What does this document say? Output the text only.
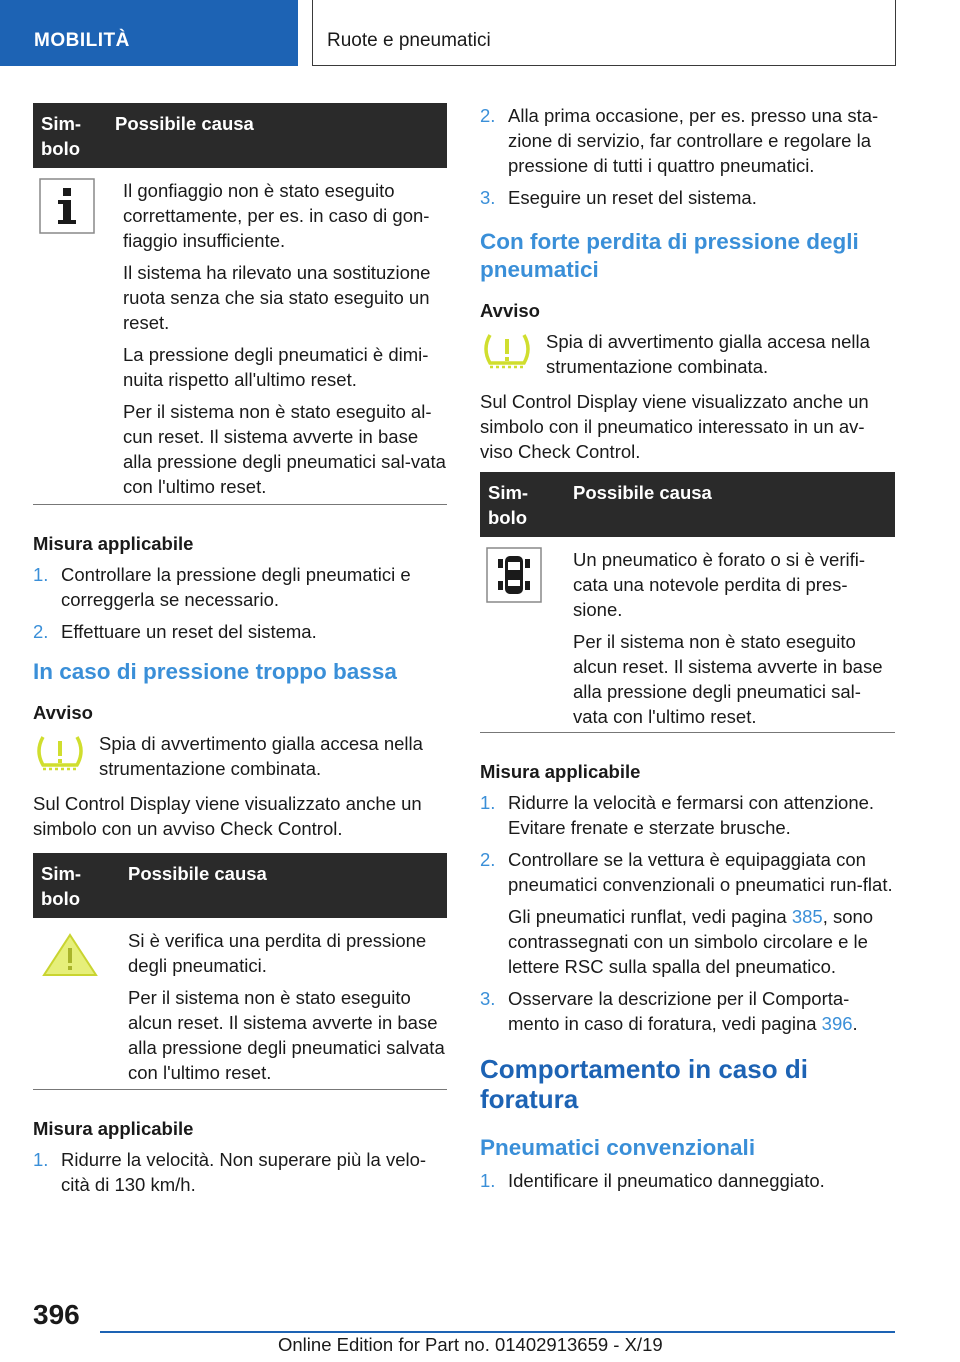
MOBILITÀ	Ruote e pneumatici
Sim-
bolo
Possibile causa
Il gonfiaggio non è stato eseguito correttamente, per es. in caso di gon-fiaggio insufficiente.
Il sistema ha rilevato una sostituzione ruota senza che sia stato eseguito un reset.
La pressione degli pneumatici è dimi-nuita rispetto all'ultimo reset.
Per il sistema non è stato eseguito al-cun reset. Il sistema avverte in base alla pressione degli pneumatici sal-vata con l'ultimo reset.
Misura applicabile
1. Controllare la pressione degli pneumatici e correggerla se necessario.
2. Effettuare un reset del sistema.
In caso di pressione troppo bassa
Avviso
Spia di avvertimento gialla accesa nella strumentazione combinata.
Sul Control Display viene visualizzato anche un simbolo con un avviso Check Control.
Sim-
bolo
Possibile causa
Si è verifica una perdita di pressione degli pneumatici.
Per il sistema non è stato eseguito alcun reset. Il sistema avverte in base alla pressione degli pneumatici salvata con l'ultimo reset.
Misura applicabile
1. Ridurre la velocità. Non superare più la velo-cità di 130 km/h.
2. Alla prima occasione, per es. presso una sta-zione di servizio, far controllare e regolare la pressione di tutti i quattro pneumatici.
3. Eseguire un reset del sistema.
Con forte perdita di pressione degli pneumatici
Avviso
Spia di avvertimento gialla accesa nella strumentazione combinata.
Sul Control Display viene visualizzato anche un simbolo con il pneumatico interessato in un av-viso Check Control.
Sim-
bolo
Possibile causa
Un pneumatico è forato o si è verifi-cata una notevole perdita di pres-sione.
Per il sistema non è stato eseguito alcun reset. Il sistema avverte in base alla pressione degli pneumatici sal-vata con l'ultimo reset.
Misura applicabile
1. Ridurre la velocità e fermarsi con attenzione. Evitare frenate e sterzate brusche.
2. Controllare se la vettura è equipaggiata con pneumatici convenzionali o pneumatici run-flat.
Gli pneumatici runflat, vedi pagina 385, sono contrassegnati con un simbolo circolare e le lettere RSC sulla spalla del pneumatico.
3. Osservare la descrizione per il Comporta-mento in caso di foratura, vedi pagina 396.
Comportamento in caso di foratura
Pneumatici convenzionali
1. Identificare il pneumatico danneggiato.
396
Online Edition for Part no. 01402913659 - X/19
